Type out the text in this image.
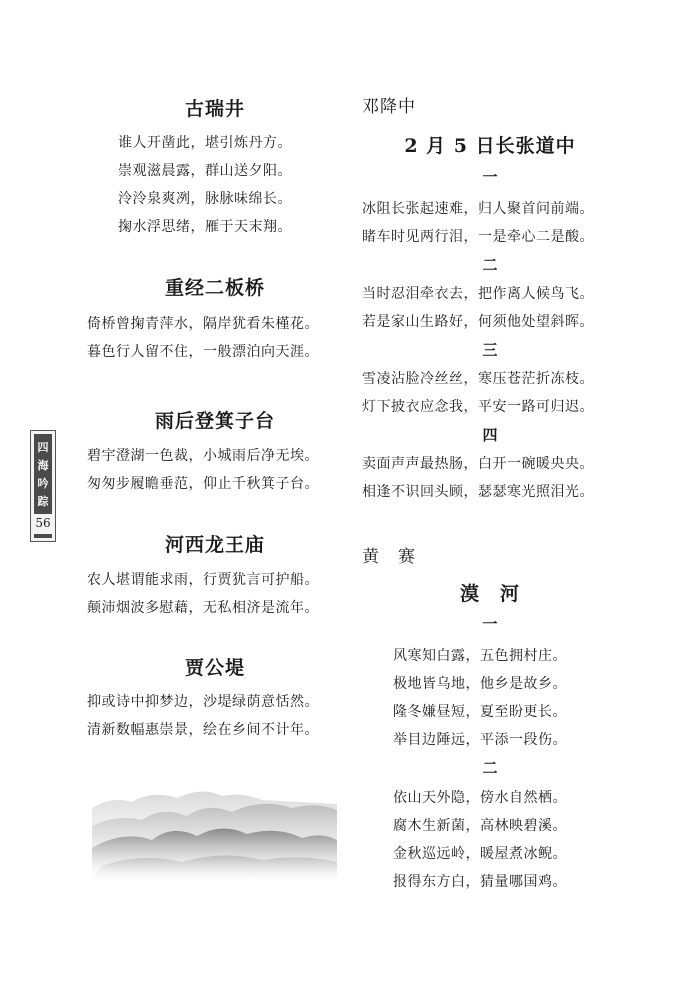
四
海
吟
踪
56
古瑞井
谁人开凿此，堪引炼丹方。
崇观滋晨露，群山送夕阳。
泠泠泉爽冽，脉脉味绵长。
掬水浮思绪，雁于天末翔。
重经二板桥
倚桥曾掬青萍水，隔岸犹看朱槿花。
暮色行人留不住，一般漂泊向天涯。
雨后登箕子台
碧宇澄湖一色裁，小城雨后净无埃。
匆匆步履瞻垂范，仰止千秋箕子台。
河西龙王庙
农人堪谓能求雨，行贾犹言可护船。
颠沛烟波多慰藉，无私相济是流年。
贾公堤
抑或诗中抑梦边，沙堤绿荫意恬然。
清新数幅惠崇景，绘在乡间不计年。
邓降中
2 月 5 日长张道中
一
冰阻长张起速难，归人聚首问前端。
睹车时见两行泪，一是牵心二是酸。
二
当时忍泪牵衣去，把作离人候鸟飞。
若是家山生路好，何须他处望斜晖。
三
雪凌沾脸冷丝丝，寒压苍茫折冻枝。
灯下披衣应念我，平安一路可归迟。
四
卖面声声最热肠，白开一碗暖央央。
相逢不识回头顾，瑟瑟寒光照泪光。
黄　赛
漠　河
一
风寒知白露，五色拥村庄。
极地皆乌地，他乡是故乡。
隆冬嫌昼短，夏至盼更长。
举目边陲远，平添一段伤。
二
依山天外隐，傍水自然栖。
腐木生新菌，高林映碧溪。
金秋巡远岭，暖屋煮冰鲵。
报得东方白，猜量哪国鸡。
